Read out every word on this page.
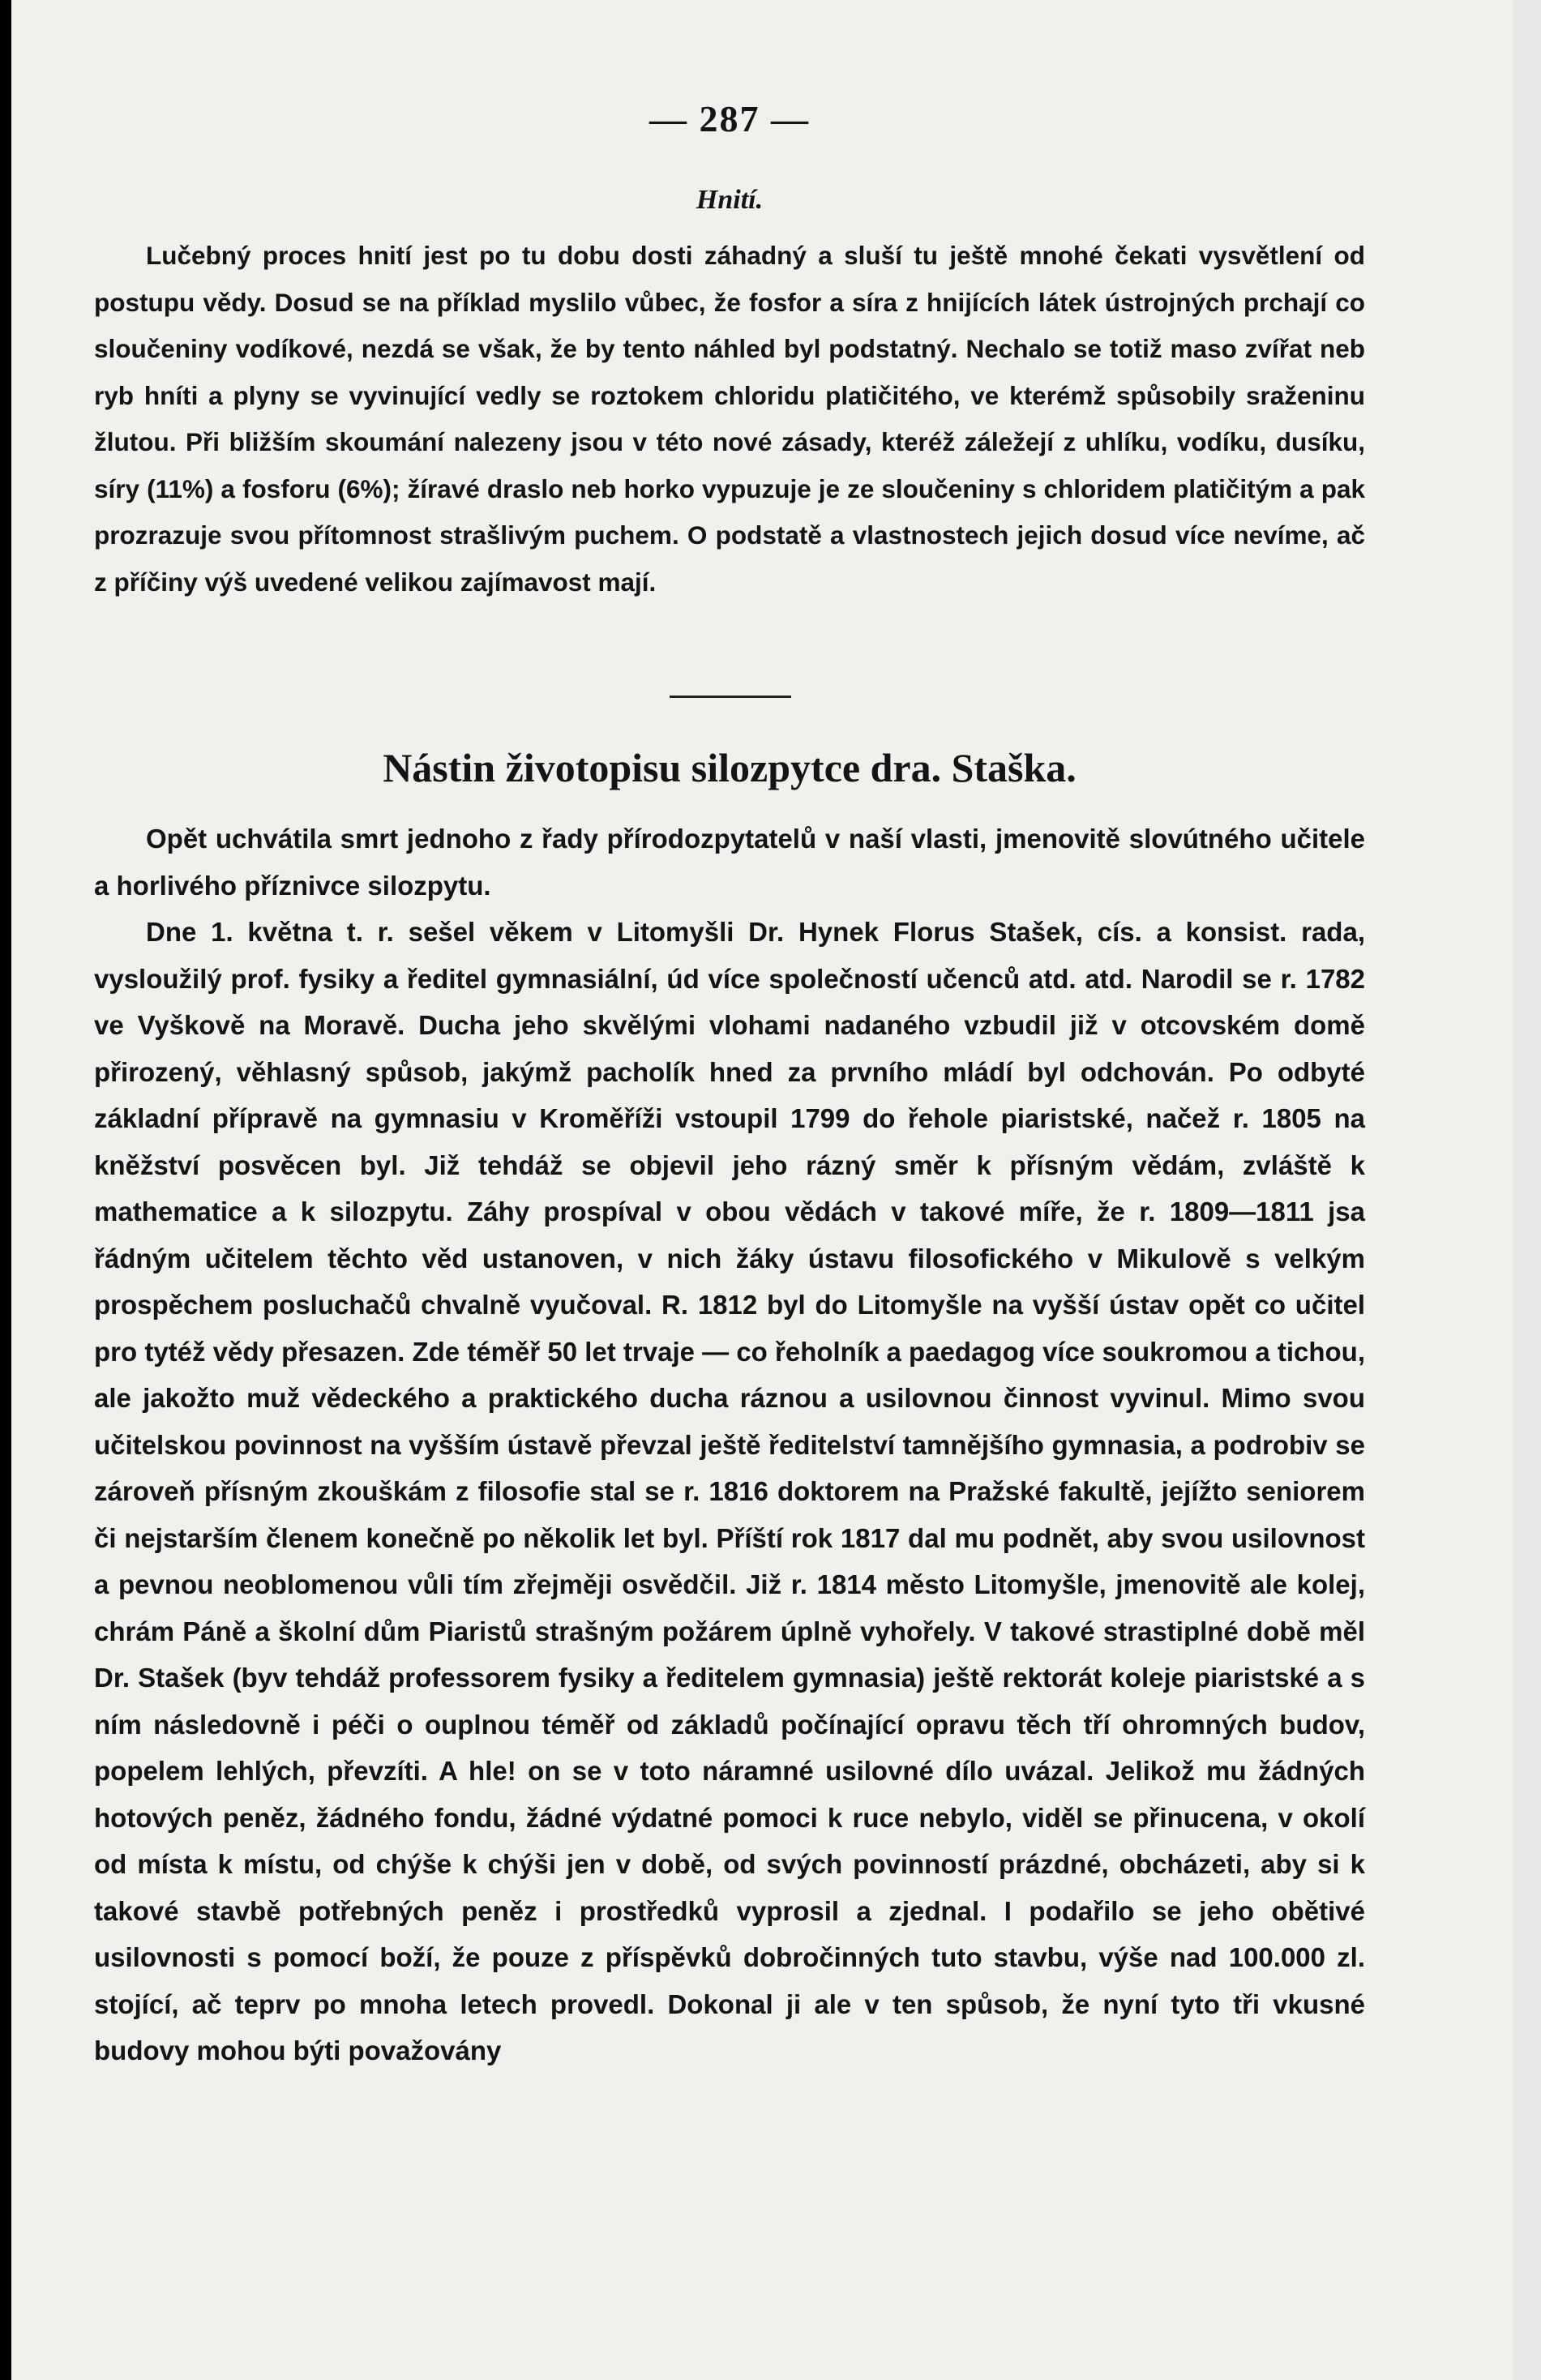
— 287 —
Hnití.

Lučebný proces hnití jest po tu dobu dosti záhadný a sluší tu ještě mnohé čekati vysvětlení od postupu vědy. Dosud se na příklad myslilo vůbec, že fosfor a síra z hnijících látek ústrojných prchají co sloučeniny vodíkové, nezdá se však, že by tento náhled byl podstatný. Nechalo se totiž maso zvířat neb ryb hníti a plyny se vyvinující vedly se roztokem chloridu platičitého, ve kterémž spůsobily sraženinu žlutou. Při bližším skoumání nalezeny jsou v této nové zásady, kteréž záležejí z uhlíku, vodíku, dusíku, síry (11%) a fosforu (6%); žíravé draslo neb horko vypuzuje je ze sloučeniny s chloridem platičitým a pak prozrazuje svou přítomnost strašlivým puchem. O podstatě a vlastnostech jejich dosud více nevíme, ač z příčiny výš uvedené velikou zajímavost mají.

Nástin životopisu silozpytce dra. Staška.

Opět uchvátila smrt jednoho z řady přírodozpytatelů v naší vlasti, jmenovitě slovútného učitele a horlivého příznivce silozpytu.

Dne 1. května t. r. sešel věkem v Litomyšli Dr. Hynek Florus Stašek, cís. a konsist. rada, vysloužilý prof. fysiky a ředitel gymnasiální, úd více společností učenců atd. atd. Narodil se r. 1782 ve Vyškově na Moravě. Ducha jeho skvělými vlohami nadaného vzbudil již v otcovském domě přirozený, věhlasný spůsob, jakýmž pacholík hned za prvního mládí byl odchován. Po odbyté základní přípravě na gymnasiu v Kroměříži vstoupil 1799 do řehole piaristské, načež r. 1805 na kněžství posvěcen byl. Již tehdáž se objevil jeho rázný směr k přísným vědám, zvláště k mathematice a k silozpytu. Záhy prospíval v obou vědách v takové míře, že r. 1809—1811 jsa řádným učitelem těchto věd ustanoven, v nich žáky ústavu filosofického v Mikulově s velkým prospěchem posluchačů chvalně vyučoval. R. 1812 byl do Litomyšle na vyšší ústav opět co učitel pro tytéž vědy přesazen. Zde téměř 50 let trvaje — co řeholník a paedagog více soukromou a tichou, ale jakožto muž vědeckého a praktického ducha ráznou a usilovnou činnost vyvinul. Mimo svou učitelskou povinnost na vyšším ústavě převzal ještě ředitelství tamnějšího gymnasia, a podrobiv se zároveň přísným zkouškám z filosofie stal se r. 1816 doktorem na Pražské fakultě, jejížto seniorem či nejstarším členem konečně po několik let byl. Příští rok 1817 dal mu podnět, aby svou usilovnost a pevnou neoblomenou vůli tím zřejměji osvědčil. Již r. 1814 město Litomyšle, jmenovitě ale kolej, chrám Páně a školní dům Piaristů strašným požárem úplně vyhořely. V takové strastiplné době měl Dr. Stašek (byv tehdáž professorem fysiky a ředitelem gymnasia) ještě rektorát koleje piaristské a s ním následovně i péči o ouplnou téměř od základů počínající opravu těch tří ohromných budov, popelem lehlých, převzíti. A hle! on se v toto náramné usilovné dílo uvázal. Jelikož mu žádných hotových peněz, žádného fondu, žádné výdatné pomoci k ruce nebylo, viděl se přinucena, v okolí od místa k místu, od chýše k chýši jen v době, od svých povinností prázdné, obcházeti, aby si k takové stavbě potřebných peněz i prostředků vyprosil a zjednal. I podařilo se jeho obětivé usilovnosti s pomocí boží, že pouze z příspěvků dobročinných tuto stavbu, výše nad 100.000 zl. stojící, ač teprv po mnoha letech provedl. Dokonal ji ale v ten spůsob, že nyní tyto tři vkusné budovy mohou býti považovány
